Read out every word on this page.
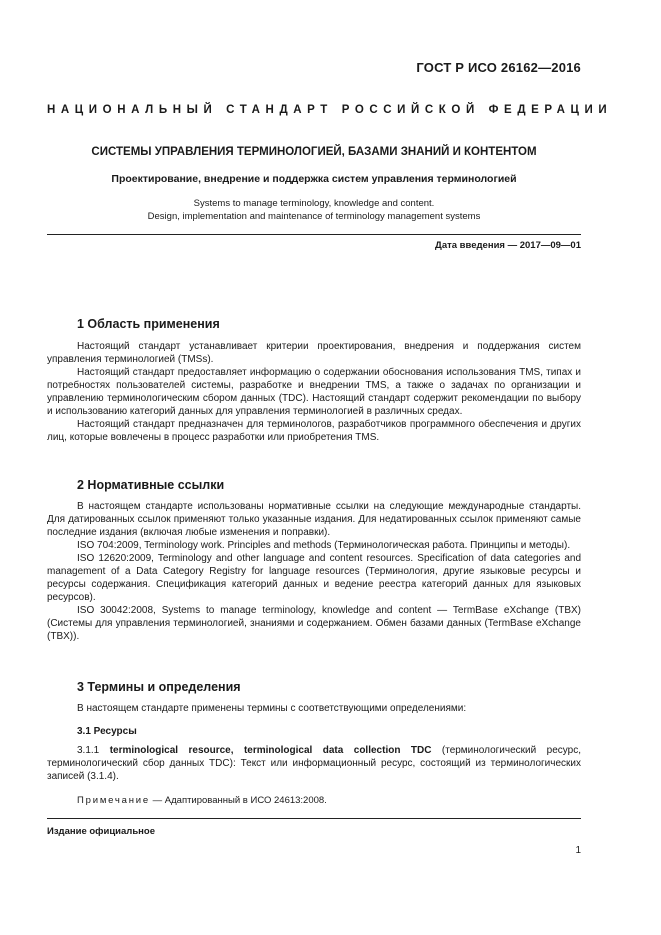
ГОСТ Р ИСО 26162—2016
НАЦИОНАЛЬНЫЙ СТАНДАРТ РОССИЙСКОЙ ФЕДЕРАЦИИ
СИСТЕМЫ УПРАВЛЕНИЯ ТЕРМИНОЛОГИЕЙ, БАЗАМИ ЗНАНИЙ И КОНТЕНТОМ
Проектирование, внедрение и поддержка систем управления терминологией
Systems to manage terminology, knowledge and content.
Design, implementation and maintenance of terminology management systems
Дата введения — 2017—09—01
1 Область применения

Настоящий стандарт устанавливает критерии проектирования, внедрения и поддержания систем управления терминологией (TMSs).

Настоящий стандарт предоставляет информацию о содержании обоснования использования TMS, типах и потребностях пользователей системы, разработке и внедрении TMS, а также о задачах по организации и управлению терминологическим сбором данных (TDC). Настоящий стандарт содержит рекомендации по выбору и использованию категорий данных для управления терминологией в различных средах.

Настоящий стандарт предназначен для терминологов, разработчиков программного обеспечения и других лиц, которые вовлечены в процесс разработки или приобретения TMS.

2 Нормативные ссылки

В настоящем стандарте использованы нормативные ссылки на следующие международные стандарты. Для датированных ссылок применяют только указанные издания. Для недатированных ссылок применяют самые последние издания (включая любые изменения и поправки).

ISO 704:2009, Terminology work. Principles and methods (Терминологическая работа. Принципы и методы).

ISO 12620:2009, Terminology and other language and content resources. Specification of data categories and management of a Data Category Registry for language resources (Терминология, другие языковые ресурсы и ресурсы содержания. Спецификация категорий данных и ведение реестра категорий данных для языковых ресурсов).

ISO 30042:2008, Systems to manage terminology, knowledge and content — TermBase eXchange (TBX) (Системы для управления терминологией, знаниями и содержанием. Обмен базами данных (TermBase eXchange (TBX)).

3 Термины и определения

В настоящем стандарте применены термины с соответствующими определениями:

3.1 Ресурсы

3.1.1 terminological resource, terminological data collection TDC (терминологический ресурс, терминологический сбор данных TDC): Текст или информационный ресурс, состоящий из терминологических записей (3.1.4).

Примечание — Адаптированный в ИСО 24613:2008.
Издание официальное
1
